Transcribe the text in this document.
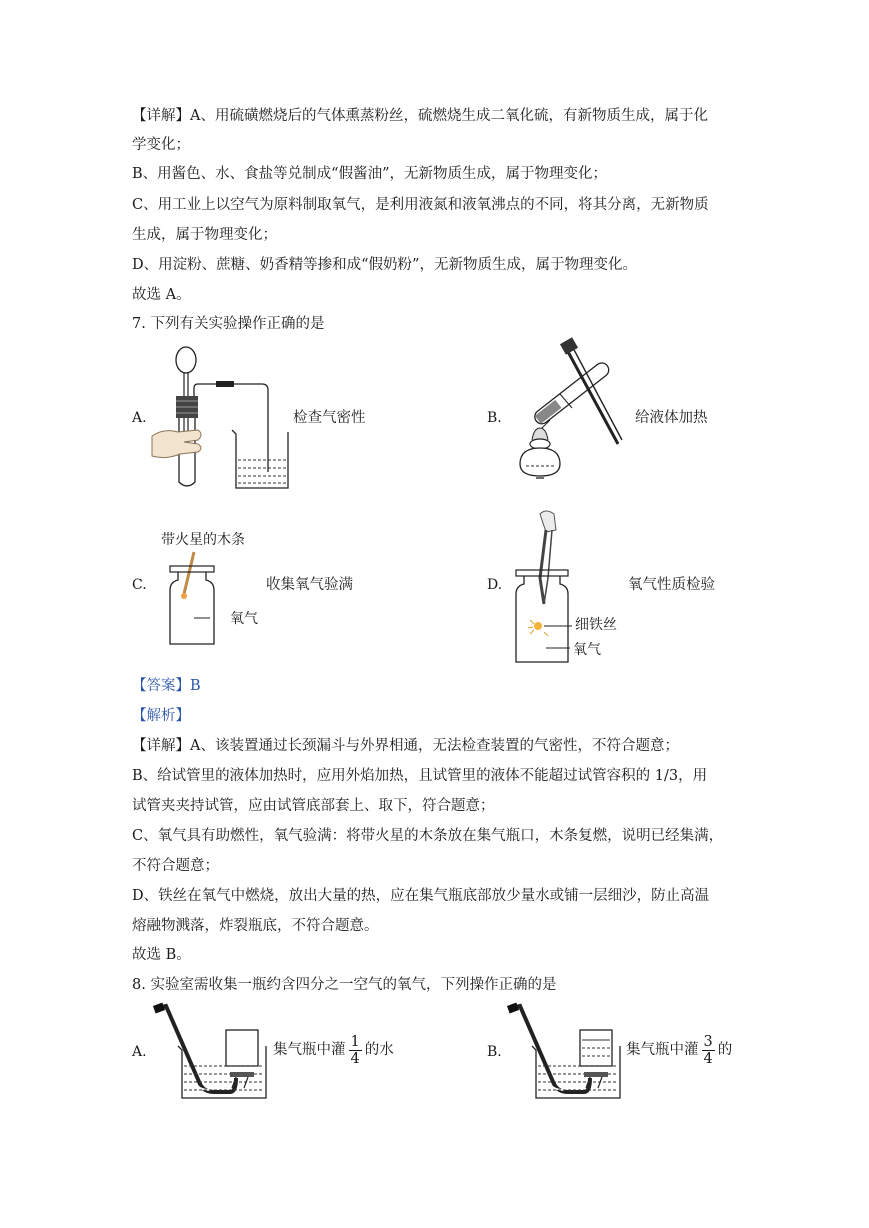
【详解】A、用硫磺燃烧后的气体熏蒸粉丝，硫燃烧生成二氧化硫，有新物质生成，属于化
学变化；
B、用酱色、水、食盐等兑制成“假酱油”，无新物质生成，属于物理变化；
C、用工业上以空气为原料制取氧气，是利用液氮和液氧沸点的不同，将其分离，无新物质
生成，属于物理变化；
D、用淀粉、蔗糖、奶香精等掺和成“假奶粉”，无新物质生成，属于物理变化。
故选 A。
7. 下列有关实验操作正确的是
A.	检查气密性	B.	给液体加热
C.
带火星的木条
氧气
收集氧气验满	D.
细铁丝
氧气
氧气性质检验
【答案】B
【解析】
【详解】A、该装置通过长颈漏斗与外界相通，无法检查装置的气密性，不符合题意；
B、给试管里的液体加热时，应用外焰加热，且试管里的液体不能超过试管容积的 1/3，用
试管夹夹持试管，应由试管底部套上、取下，符合题意；
C、氧气具有助燃性，氧气验满：将带火星的木条放在集气瓶口，木条复燃，说明已经集满，
不符合题意；
D、铁丝在氧气中燃烧，放出大量的热，应在集气瓶底部放少量水或铺一层细沙，防止高温
熔融物溅落，炸裂瓶底，不符合题意。
故选 B。
8. 实验室需收集一瓶约含四分之一空气的氧气，下列操作正确的是
A.	集气瓶中灌 $\frac{1}{4}$ 的水	B.	集气瓶中灌 $\frac{3}{4}$ 的
